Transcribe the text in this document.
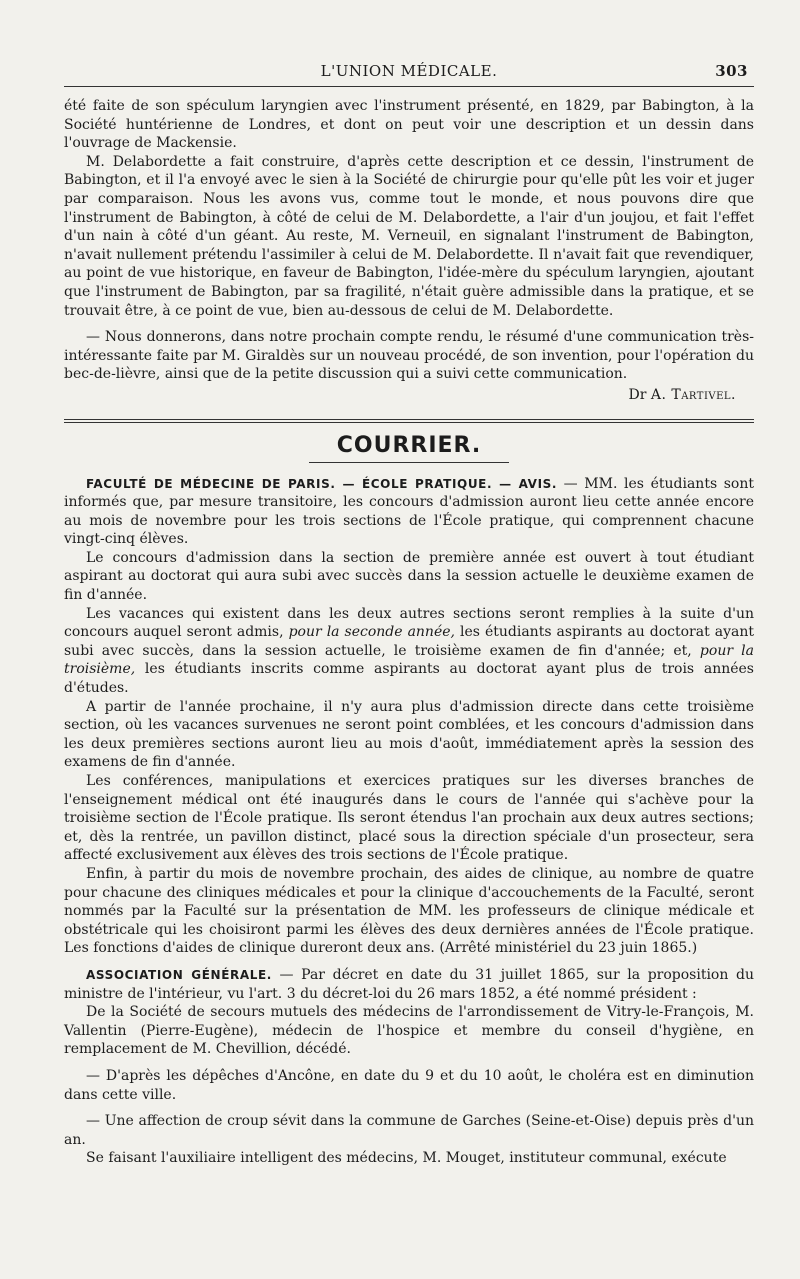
L'UNION MÉDICALE.	303

été faite de son spéculum laryngien avec l'instrument présenté, en 1829, par Babington, à la Société huntérienne de Londres, et dont on peut voir une description et un dessin dans l'ouvrage de Mackensie.

M. Delabordette a fait construire, d'après cette description et ce dessin, l'instrument de Babington, et il l'a envoyé avec le sien à la Société de chirurgie pour qu'elle pût les voir et juger par comparaison. Nous les avons vus, comme tout le monde, et nous pouvons dire que l'instrument de Babington, à côté de celui de M. Delabordette, a l'air d'un joujou, et fait l'effet d'un nain à côté d'un géant. Au reste, M. Verneuil, en signalant l'instrument de Babington, n'avait nullement prétendu l'assimiler à celui de M. Delabordette. Il n'avait fait que revendiquer, au point de vue historique, en faveur de Babington, l'idée-mère du spéculum laryngien, ajoutant que l'instrument de Babington, par sa fragilité, n'était guère admissible dans la pratique, et se trouvait être, à ce point de vue, bien au-dessous de celui de M. Delabordette.

— Nous donnerons, dans notre prochain compte rendu, le résumé d'une communication très-intéressante faite par M. Giraldès sur un nouveau procédé, de son invention, pour l'opération du bec-de-lièvre, ainsi que de la petite discussion qui a suivi cette communication.

Dr A. Tartivel.

COURRIER.

FACULTÉ DE MÉDECINE DE PARIS. — ÉCOLE PRATIQUE. — AVIS. — MM. les étudiants sont informés que, par mesure transitoire, les concours d'admission auront lieu cette année encore au mois de novembre pour les trois sections de l'École pratique, qui comprennent chacune vingt-cinq élèves.

Le concours d'admission dans la section de première année est ouvert à tout étudiant aspirant au doctorat qui aura subi avec succès dans la session actuelle le deuxième examen de fin d'année.

Les vacances qui existent dans les deux autres sections seront remplies à la suite d'un concours auquel seront admis, pour la seconde année, les étudiants aspirants au doctorat ayant subi avec succès, dans la session actuelle, le troisième examen de fin d'année; et, pour la troisième, les étudiants inscrits comme aspirants au doctorat ayant plus de trois années d'études.

A partir de l'année prochaine, il n'y aura plus d'admission directe dans cette troisième section, où les vacances survenues ne seront point comblées, et les concours d'admission dans les deux premières sections auront lieu au mois d'août, immédiatement après la session des examens de fin d'année.

Les conférences, manipulations et exercices pratiques sur les diverses branches de l'enseignement médical ont été inaugurés dans le cours de l'année qui s'achève pour la troisième section de l'École pratique. Ils seront étendus l'an prochain aux deux autres sections; et, dès la rentrée, un pavillon distinct, placé sous la direction spéciale d'un prosecteur, sera affecté exclusivement aux élèves des trois sections de l'École pratique.

Enfin, à partir du mois de novembre prochain, des aides de clinique, au nombre de quatre pour chacune des cliniques médicales et pour la clinique d'accouchements de la Faculté, seront nommés par la Faculté sur la présentation de MM. les professeurs de clinique médicale et obstétricale qui les choisiront parmi les élèves des deux dernières années de l'École pratique. Les fonctions d'aides de clinique dureront deux ans. (Arrêté ministériel du 23 juin 1865.)

ASSOCIATION GÉNÉRALE. — Par décret en date du 31 juillet 1865, sur la proposition du ministre de l'intérieur, vu l'art. 3 du décret-loi du 26 mars 1852, a été nommé président :

De la Société de secours mutuels des médecins de l'arrondissement de Vitry-le-François, M. Vallentin (Pierre-Eugène), médecin de l'hospice et membre du conseil d'hygiène, en remplacement de M. Chevillion, décédé.

— D'après les dépêches d'Ancône, en date du 9 et du 10 août, le choléra est en diminution dans cette ville.

— Une affection de croup sévit dans la commune de Garches (Seine-et-Oise) depuis près d'un an.

Se faisant l'auxiliaire intelligent des médecins, M. Mouget, instituteur communal, exécute
